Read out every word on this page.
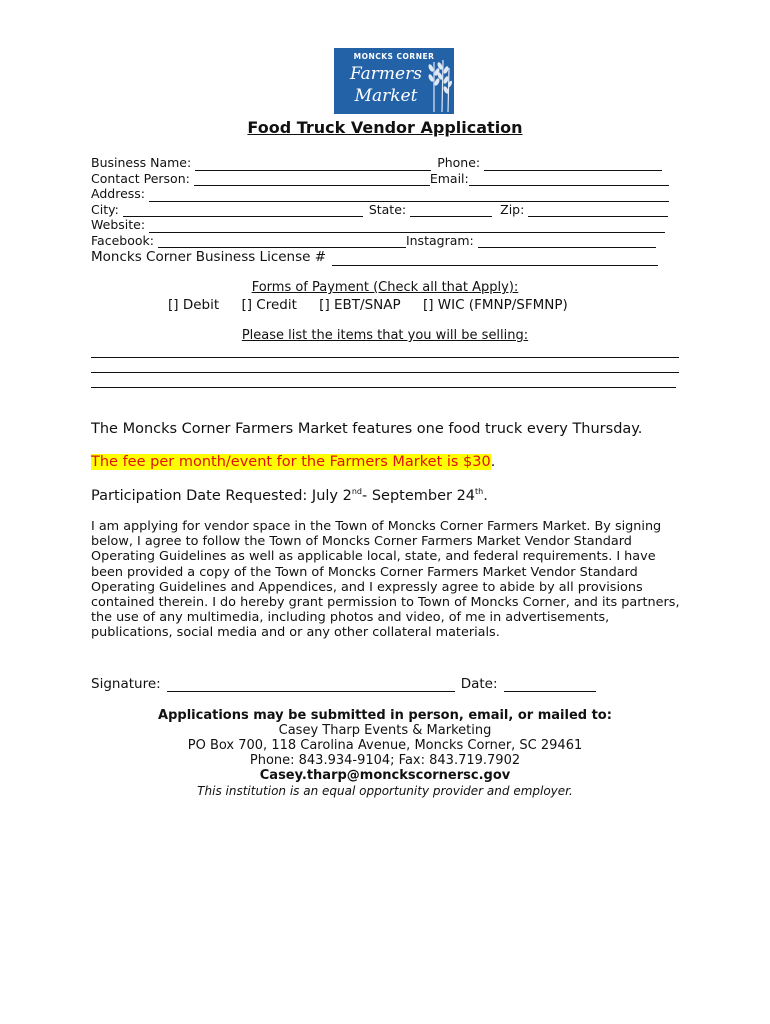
MONCKS CORNER
Farmers
Market
Food Truck Vendor Application
Business Name:	Phone:
Contact Person:	Email:
Address:
City:	State:	Zip:
Website:
Facebook:	Instagram:
Moncks Corner Business License #
Forms of Payment (Check all that Apply):
[] Debit [] Credit [] EBT/SNAP [] WIC (FMNP/SFMNP)
Please list the items that you will be selling:
The Moncks Corner Farmers Market features one food truck every Thursday.
The fee per month/event for the Farmers Market is $30.
Participation Date Requested: July 2nd- September 24th.
I am applying for vendor space in the Town of Moncks Corner Farmers Market. By signing below, I agree to follow the Town of Moncks Corner Farmers Market Vendor Standard Operating Guidelines as well as applicable local, state, and federal requirements. I have been provided a copy of the Town of Moncks Corner Farmers Market Vendor Standard Operating Guidelines and Appendices, and I expressly agree to abide by all provisions contained therein. I do hereby grant permission to Town of Moncks Corner, and its partners, the use of any multimedia, including photos and video, of me in advertisements, publications, social media and or any other collateral materials.
Signature:	Date:
Applications may be submitted in person, email, or mailed to:
Casey Tharp Events & Marketing
PO Box 700, 118 Carolina Avenue, Moncks Corner, SC 29461
Phone: 843.934-9104; Fax: 843.719.7902
Casey.tharp@monckscornersc.gov
This institution is an equal opportunity provider and employer.
